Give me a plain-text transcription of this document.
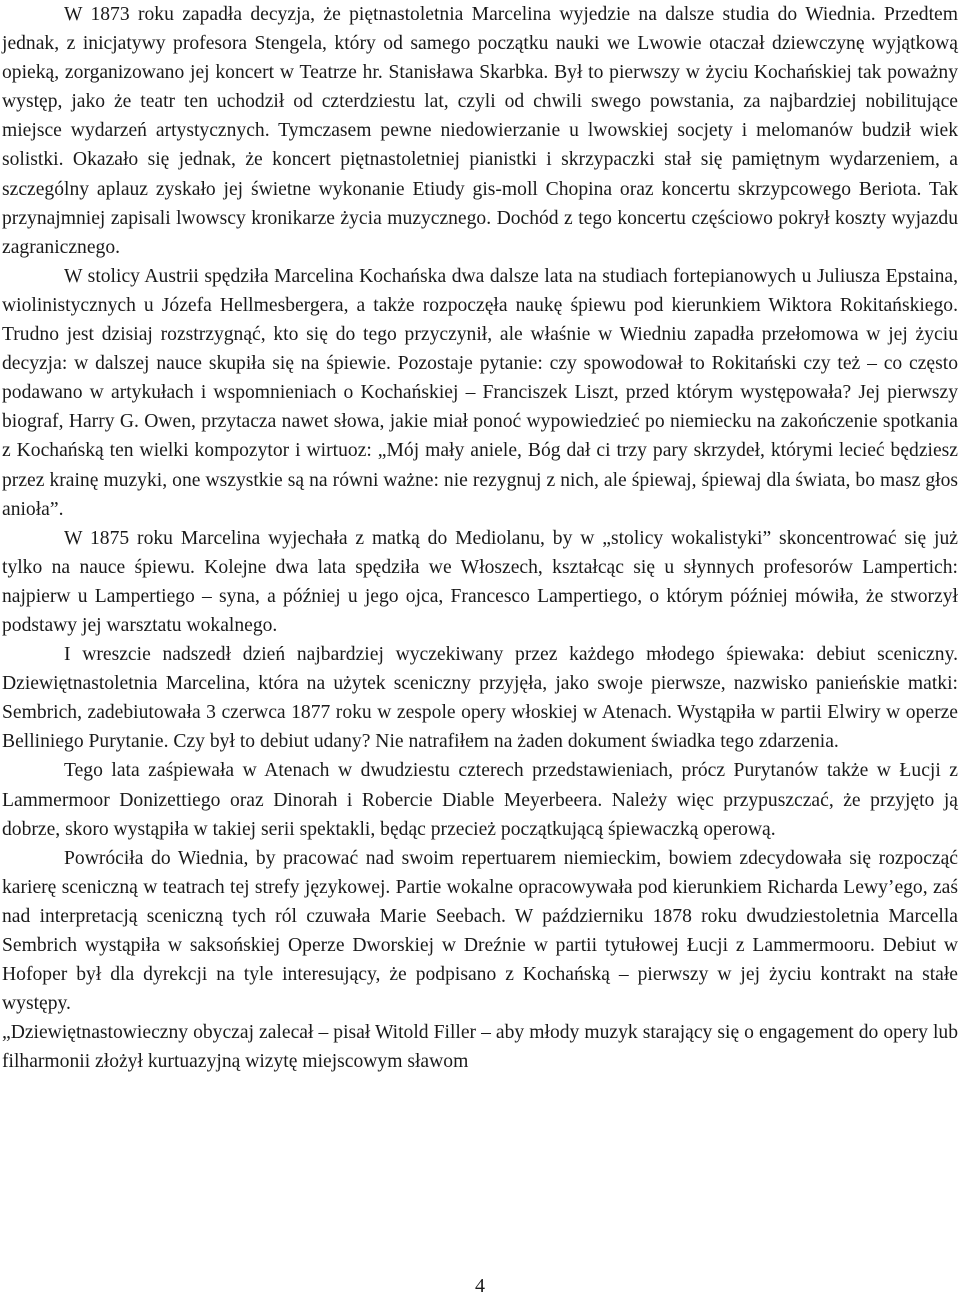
W 1873 roku zapadła decyzja, że piętnastoletnia Marcelina wyjedzie na dalsze studia do Wiednia. Przedtem jednak, z inicjatywy profesora Stengela, który od samego początku nauki we Lwowie otaczał dziewczynę wyjątkową opieką, zorganizowano jej koncert w Teatrze hr. Stanisława Skarbka. Był to pierwszy w życiu Kochańskiej tak poważny występ, jako że teatr ten uchodził od czterdziestu lat, czyli od chwili swego powstania, za najbardziej nobilitujące miejsce wydarzeń artystycznych. Tymczasem pewne niedowierzanie u lwowskiej socjety i melomanów budził wiek solistki. Okazało się jednak, że koncert piętnastoletniej pianistki i skrzypaczki stał się pamiętnym wydarzeniem, a szczególny aplauz zyskało jej świetne wykonanie Etiudy gis-moll Chopina oraz koncertu skrzypcowego Beriota. Tak przynajmniej zapisali lwowscy kronikarze życia muzycznego. Dochód z tego koncertu częściowo pokrył koszty wyjazdu zagranicznego.

W stolicy Austrii spędziła Marcelina Kochańska dwa dalsze lata na studiach fortepianowych u Juliusza Epstaina, wiolinistycznych u Józefa Hellmesbergera, a także rozpoczęła naukę śpiewu pod kierunkiem Wiktora Rokitańskiego. Trudno jest dzisiaj rozstrzygnąć, kto się do tego przyczynił, ale właśnie w Wiedniu zapadła przełomowa w jej życiu decyzja: w dalszej nauce skupiła się na śpiewie. Pozostaje pytanie: czy spowodował to Rokitański czy też – co często podawano w artykułach i wspomnieniach o Kochańskiej – Franciszek Liszt, przed którym występowała? Jej pierwszy biograf, Harry G. Owen, przytacza nawet słowa, jakie miał ponoć wypowiedzieć po niemiecku na zakończenie spotkania z Kochańską ten wielki kompozytor i wirtuoz: „Mój mały aniele, Bóg dał ci trzy pary skrzydeł, którymi lecieć będziesz przez krainę muzyki, one wszystkie są na równi ważne: nie rezygnuj z nich, ale śpiewaj, śpiewaj dla świata, bo masz głos anioła”.

W 1875 roku Marcelina wyjechała z matką do Mediolanu, by w „stolicy wokalistyki” skoncentrować się już tylko na nauce śpiewu. Kolejne dwa lata spędziła we Włoszech, kształcąc się u słynnych profesorów Lampertich: najpierw u Lampertiego – syna, a później u jego ojca, Francesco Lampertiego, o którym później mówiła, że stworzył podstawy jej warsztatu wokalnego.

I wreszcie nadszedł dzień najbardziej wyczekiwany przez każdego młodego śpiewaka: debiut sceniczny. Dziewiętnastoletnia Marcelina, która na użytek sceniczny przyjęła, jako swoje pierwsze, nazwisko panieńskie matki: Sembrich, zadebiutowała 3 czerwca 1877 roku w zespole opery włoskiej w Atenach. Wystąpiła w partii Elwiry w operze Belliniego Purytanie. Czy był to debiut udany? Nie natrafiłem na żaden dokument świadka tego zdarzenia.

Tego lata zaśpiewała w Atenach w dwudziestu czterech przedstawieniach, prócz Purytanów także w Łucji z Lammermoor Donizettiego oraz Dinorah i Robercie Diable Meyerbeera. Należy więc przypuszczać, że przyjęto ją dobrze, skoro wystąpiła w takiej serii spektakli, będąc przecież początkującą śpiewaczką operową.

Powróciła do Wiednia, by pracować nad swoim repertuarem niemieckim, bowiem zdecydowała się rozpocząć karierę sceniczną w teatrach tej strefy językowej. Partie wokalne opracowywała pod kierunkiem Richarda Lewy’ego, zaś nad interpretacją sceniczną tych ról czuwała Marie Seebach. W październiku 1878 roku dwudziestoletnia Marcella Sembrich wystąpiła w saksońskiej Operze Dworskiej w Dreźnie w partii tytułowej Łucji z Lammermooru. Debiut w Hofoper był dla dyrekcji na tyle interesujący, że podpisano z Kochańską – pierwszy w jej życiu kontrakt na stałe występy.

„Dziewiętnastowieczny obyczaj zalecał – pisał Witold Filler – aby młody muzyk starający się o engagement do opery lub filharmonii złożył kurtuazyjną wizytę miejscowym sławom

4
